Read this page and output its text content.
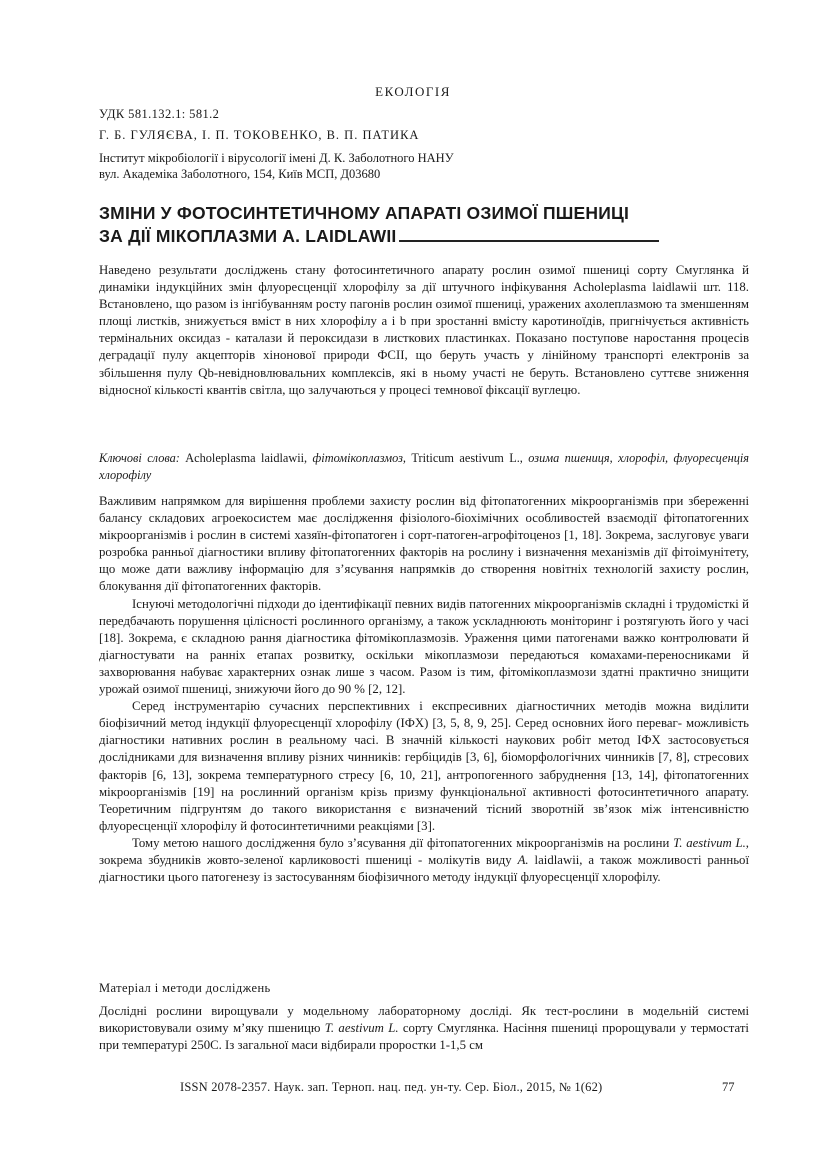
ЕКОЛОГІЯ
УДК 581.132.1: 581.2
Г. Б. ГУЛЯЄВА, І. П. ТОКОВЕНКО, В. П. ПАТИКА
Інститут мікробіології і вірусології імені Д. К. Заболотного НАНУ
вул. Академіка Заболотного, 154, Київ МСП, Д03680
ЗМІНИ У ФОТОСИНТЕТИЧНОМУ АПАРАТІ ОЗИМОЇ ПШЕНИЦІ
ЗА ДІЇ МІКОПЛАЗМИ A. LAIDLAWII
Наведено результати досліджень стану фотосинтетичного апарату рослин озимої пшениці сорту Смуглянка й динаміки індукційних змін флуоресценції хлорофілу за дії штучного інфікування Acholeplasma laidlawii шт. 118. Встановлено, що разом із інгібуванням росту пагонів рослин озимої пшениці, уражених ахолеплазмою та зменшенням площі листків, знижується вміст в них хлорофілу a і b при зростанні вмісту каротиноїдів, пригнічується активність термінальних оксидаз - каталази й пероксидази в листкових пластинках. Показано поступове наростання процесів деградації пулу акцепторів хінонової природи ФСІІ, що беруть участь у лінійному транспорті електронів за збільшення пулу Qb-невідновлювальних комплексів, які в ньому участі не беруть. Встановлено суттєве зниження відносної кількості квантів світла, що залучаються у процесі темнової фіксації вуглецю.
Ключові слова: Acholeplasma laidlawii, фітомікоплазмоз, Triticum aestivum L., озима пшениця, хлорофіл, флуоресценція хлорофілу

Важливим напрямком для вирішення проблеми захисту рослин від фітопатогенних мікроорганізмів при збереженні балансу складових агроекосистем має дослідження фізіолого-біохімічних особливостей взаємодії фітопатогенних мікроорганізмів і рослин в системі хазяїн-фітопатоген і сорт-патоген-агрофітоценоз [1, 18]. Зокрема, заслуговує уваги розробка ранньої діагностики впливу фітопатогенних факторів на рослину і визначення механізмів дії фітоімунітету, що може дати важливу інформацію для з’ясування напрямків до створення новітніх технологій захисту рослин, блокування дії фітопатогенних факторів.

Існуючі методологічні підходи до ідентифікації певних видів патогенних мікроорганізмів складні і трудомісткі й передбачають порушення цілісності рослинного організму, а також ускладнюють моніторинг і розтягують його у часі [18]. Зокрема, є складною рання діагностика фітомікоплазмозів. Ураження цими патогенами важко контролювати й діагностувати на ранніх етапах розвитку, оскільки мікоплазмози передаються комахами-переносниками й захворювання набуває характерних ознак лише з часом. Разом із тим, фітомікоплазмози здатні практично знищити урожай озимої пшениці, знижуючи його до 90 % [2, 12].

Серед інструментарію сучасних перспективних і експресивних діагностичних методів можна виділити біофізичний метод індукції флуоресценції хлорофілу (ІФХ) [3, 5, 8, 9, 25]. Серед основних його переваг- можливість діагностики нативних рослин в реальному часі. В значній кількості наукових робіт метод ІФХ застосовується дослідниками для визначення впливу різних чинників: гербіцидів [3, 6], біоморфологічних чинників [7, 8], стресових факторів [6, 13], зокрема температурного стресу [6, 10, 21], антропогенного забруднення [13, 14], фітопатогенних мікроорганізмів [19] на рослинний організм крізь призму функціональної активності фотосинтетичного апарату. Теоретичним підгрунтям до такого використання є визначений тісний зворотній зв’язок між інтенсивністю флуоресценції хлорофілу й фотосинтетичними реакціями [3].

Тому метою нашого дослідження було з’ясування дії фітопатогенних мікроорганізмів на рослини T. aestivum L., зокрема збудників жовто-зеленої карликовості пшениці - молікутів виду A. laidlawii, а також можливості ранньої діагностики цього патогенезу із застосуванням біофізичного методу індукції флуоресценції хлорофілу.

Матеріал і методи досліджень
Дослідні рослини вирощували у модельному лабораторному досліді. Як тест-рослини в модельній системі використовували озиму м’яку пшеницю T. aestivum L. сорту Смуглянка. Насіння пшениці пророщували у термостаті при температурі 250С. Із загальної маси відбирали проростки 1-1,5 см
ISSN 2078-2357. Наук. зап. Терноп. нац. пед. ун-ту. Сер. Біол., 2015, № 1(62)	77
